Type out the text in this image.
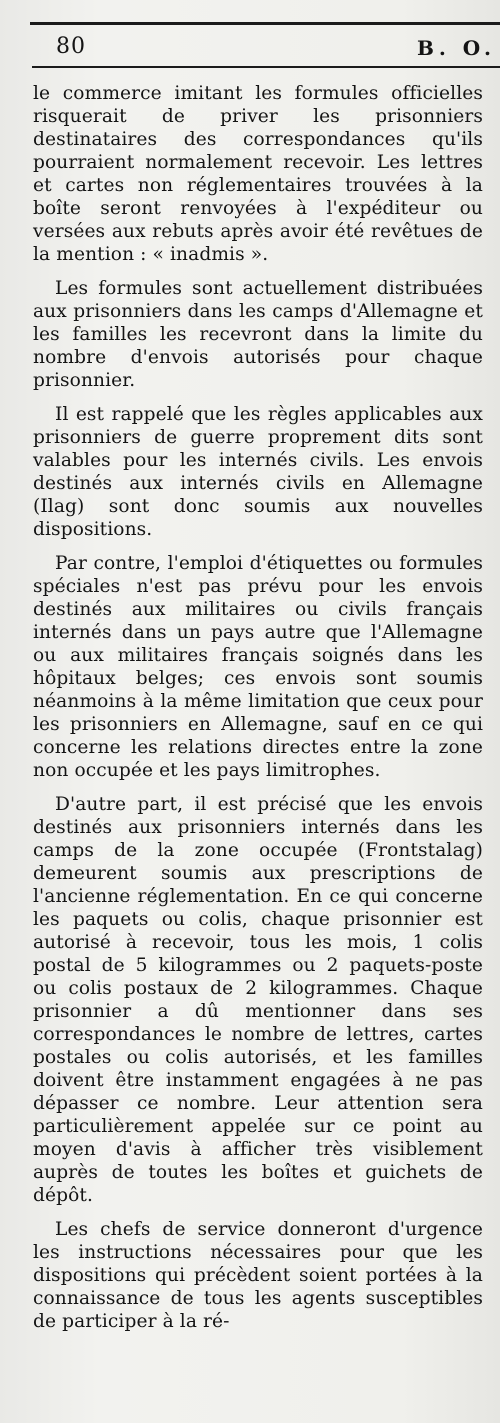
80	B. O.

le commerce imitant les formules officielles risquerait de priver les prisonniers destinataires des correspondances qu'ils pourraient normalement recevoir. Les lettres et cartes non réglementaires trouvées à la boîte seront renvoyées à l'expéditeur ou versées aux rebuts après avoir été revêtues de la mention : « inadmis ».

Les formules sont actuellement distribuées aux prisonniers dans les camps d'Allemagne et les familles les recevront dans la limite du nombre d'envois autorisés pour chaque prisonnier.

Il est rappelé que les règles applicables aux prisonniers de guerre proprement dits sont valables pour les internés civils. Les envois destinés aux internés civils en Allemagne (Ilag) sont donc soumis aux nouvelles dispositions.

Par contre, l'emploi d'étiquettes ou formules spéciales n'est pas prévu pour les envois destinés aux militaires ou civils français internés dans un pays autre que l'Allemagne ou aux militaires français soignés dans les hôpitaux belges; ces envois sont soumis néanmoins à la même limitation que ceux pour les prisonniers en Allemagne, sauf en ce qui concerne les relations directes entre la zone non occupée et les pays limitrophes.

D'autre part, il est précisé que les envois destinés aux prisonniers internés dans les camps de la zone occupée (Frontstalag) demeurent soumis aux prescriptions de l'ancienne réglementation. En ce qui concerne les paquets ou colis, chaque prisonnier est autorisé à recevoir, tous les mois, 1 colis postal de 5 kilogrammes ou 2 paquets-poste ou colis postaux de 2 kilogrammes. Chaque prisonnier a dû mentionner dans ses correspondances le nombre de lettres, cartes postales ou colis autorisés, et les familles doivent être instamment engagées à ne pas dépasser ce nombre. Leur attention sera particulièrement appelée sur ce point au moyen d'avis à afficher très visiblement auprès de toutes les boîtes et guichets de dépôt.

Les chefs de service donneront d'urgence les instructions nécessaires pour que les dispositions qui précèdent soient portées à la connaissance de tous les agents susceptibles de participer à la ré-
